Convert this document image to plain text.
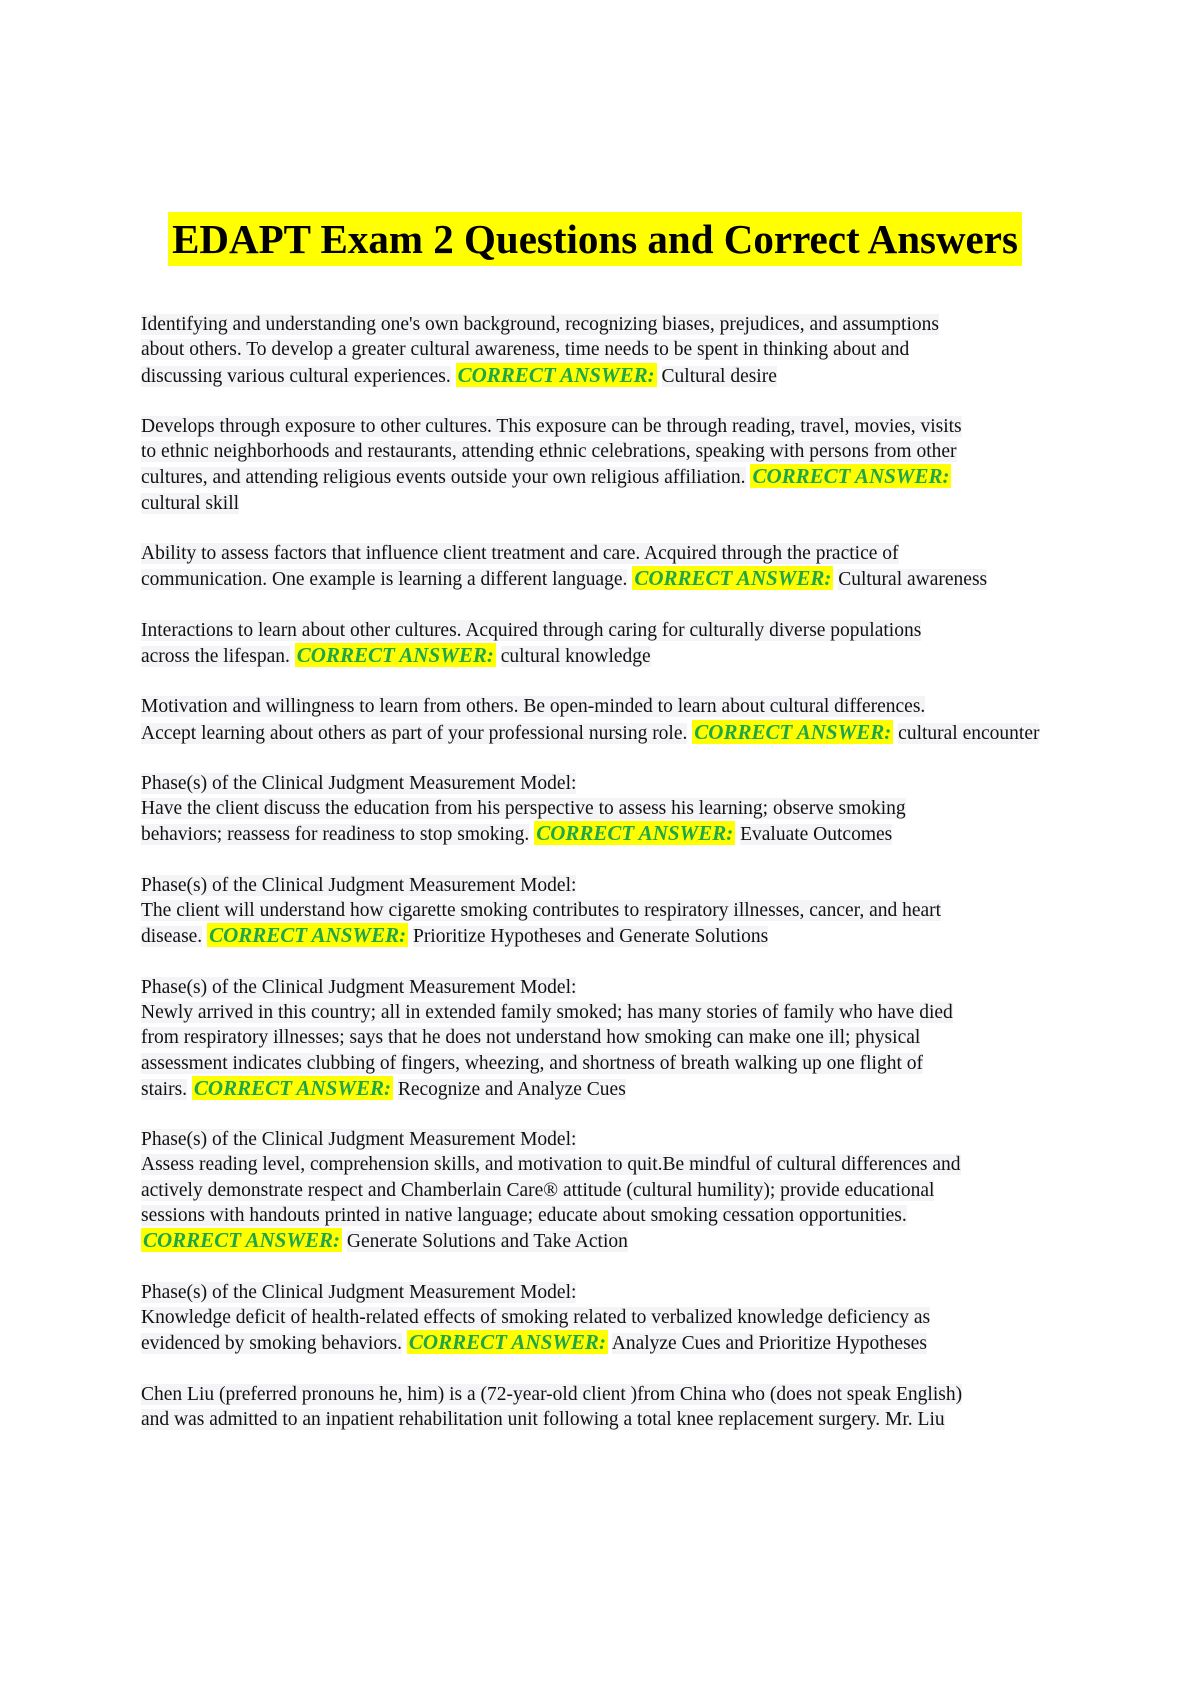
EDAPT Exam 2 Questions and Correct Answers
Identifying and understanding one's own background, recognizing biases, prejudices, and assumptions
about others. To develop a greater cultural awareness, time needs to be spent in thinking about and
discussing various cultural experiences. CORRECT ANSWER: Cultural desire
Develops through exposure to other cultures. This exposure can be through reading, travel, movies, visits
to ethnic neighborhoods and restaurants, attending ethnic celebrations, speaking with persons from other
cultures, and attending religious events outside your own religious affiliation. CORRECT ANSWER:
cultural skill
Ability to assess factors that influence client treatment and care. Acquired through the practice of
communication. One example is learning a different language. CORRECT ANSWER: Cultural awareness
Interactions to learn about other cultures. Acquired through caring for culturally diverse populations
across the lifespan. CORRECT ANSWER: cultural knowledge
Motivation and willingness to learn from others. Be open-minded to learn about cultural differences.
Accept learning about others as part of your professional nursing role. CORRECT ANSWER: cultural encounter
Phase(s) of the Clinical Judgment Measurement Model:
Have the client discuss the education from his perspective to assess his learning; observe smoking
behaviors; reassess for readiness to stop smoking. CORRECT ANSWER: Evaluate Outcomes
Phase(s) of the Clinical Judgment Measurement Model:
The client will understand how cigarette smoking contributes to respiratory illnesses, cancer, and heart
disease. CORRECT ANSWER: Prioritize Hypotheses and Generate Solutions
Phase(s) of the Clinical Judgment Measurement Model:
Newly arrived in this country; all in extended family smoked; has many stories of family who have died
from respiratory illnesses; says that he does not understand how smoking can make one ill; physical
assessment indicates clubbing of fingers, wheezing, and shortness of breath walking up one flight of
stairs. CORRECT ANSWER: Recognize and Analyze Cues
Phase(s) of the Clinical Judgment Measurement Model:
Assess reading level, comprehension skills, and motivation to quit.Be mindful of cultural differences and
actively demonstrate respect and Chamberlain Care® attitude (cultural humility); provide educational
sessions with handouts printed in native language; educate about smoking cessation opportunities.
CORRECT ANSWER: Generate Solutions and Take Action
Phase(s) of the Clinical Judgment Measurement Model:
Knowledge deficit of health-related effects of smoking related to verbalized knowledge deficiency as
evidenced by smoking behaviors. CORRECT ANSWER: Analyze Cues and Prioritize Hypotheses
Chen Liu (preferred pronouns he, him) is a (72-year-old client )from China who (does not speak English)
and was admitted to an inpatient rehabilitation unit following a total knee replacement surgery. Mr. Liu
